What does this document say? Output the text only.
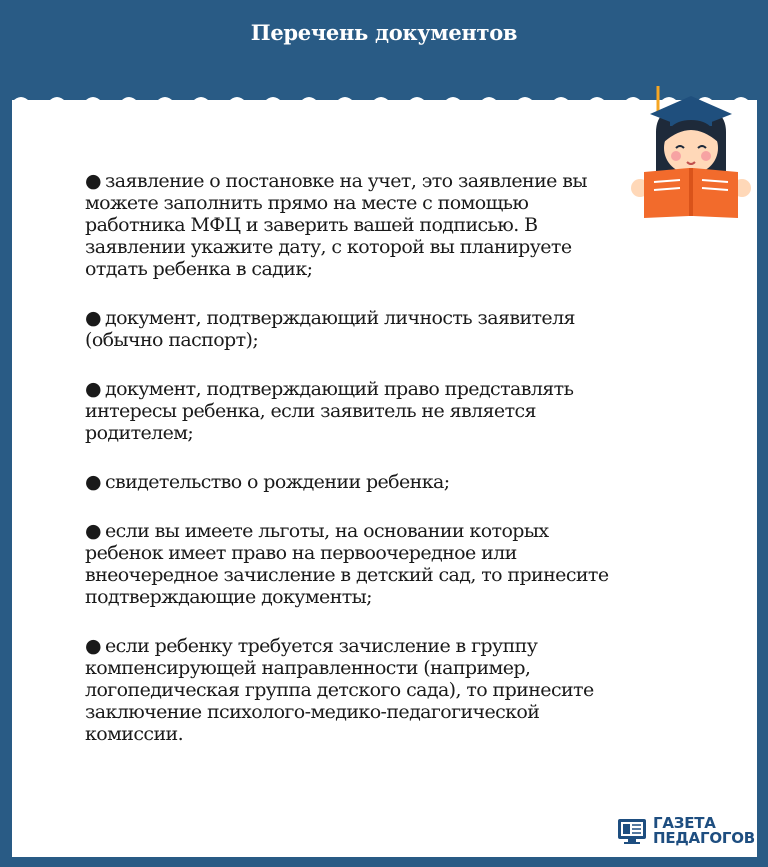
Перечень документов
● заявление о постановке на учет, это заявление вы можете заполнить прямо на месте с помощью работника МФЦ и заверить вашей подписью. В заявлении укажите дату, с которой вы планируете отдать ребенка в садик;
● документ, подтверждающий личность заявителя (обычно паспорт);
● документ, подтверждающий право представлять интересы ребенка, если заявитель не является родителем;
● свидетельство о рождении ребенка;
● если вы имеете льготы, на основании которых ребенок имеет право на первоочередное или внеочередное зачисление в детский сад, то принесите подтверждающие документы;
● если ребенку требуется зачисление в группу компенсирующей направленности (например, логопедическая группа детского сада), то принесите заключение психолого-медико-педагогической комиссии.
ГАЗЕТА
ПЕДАГОГОВ
